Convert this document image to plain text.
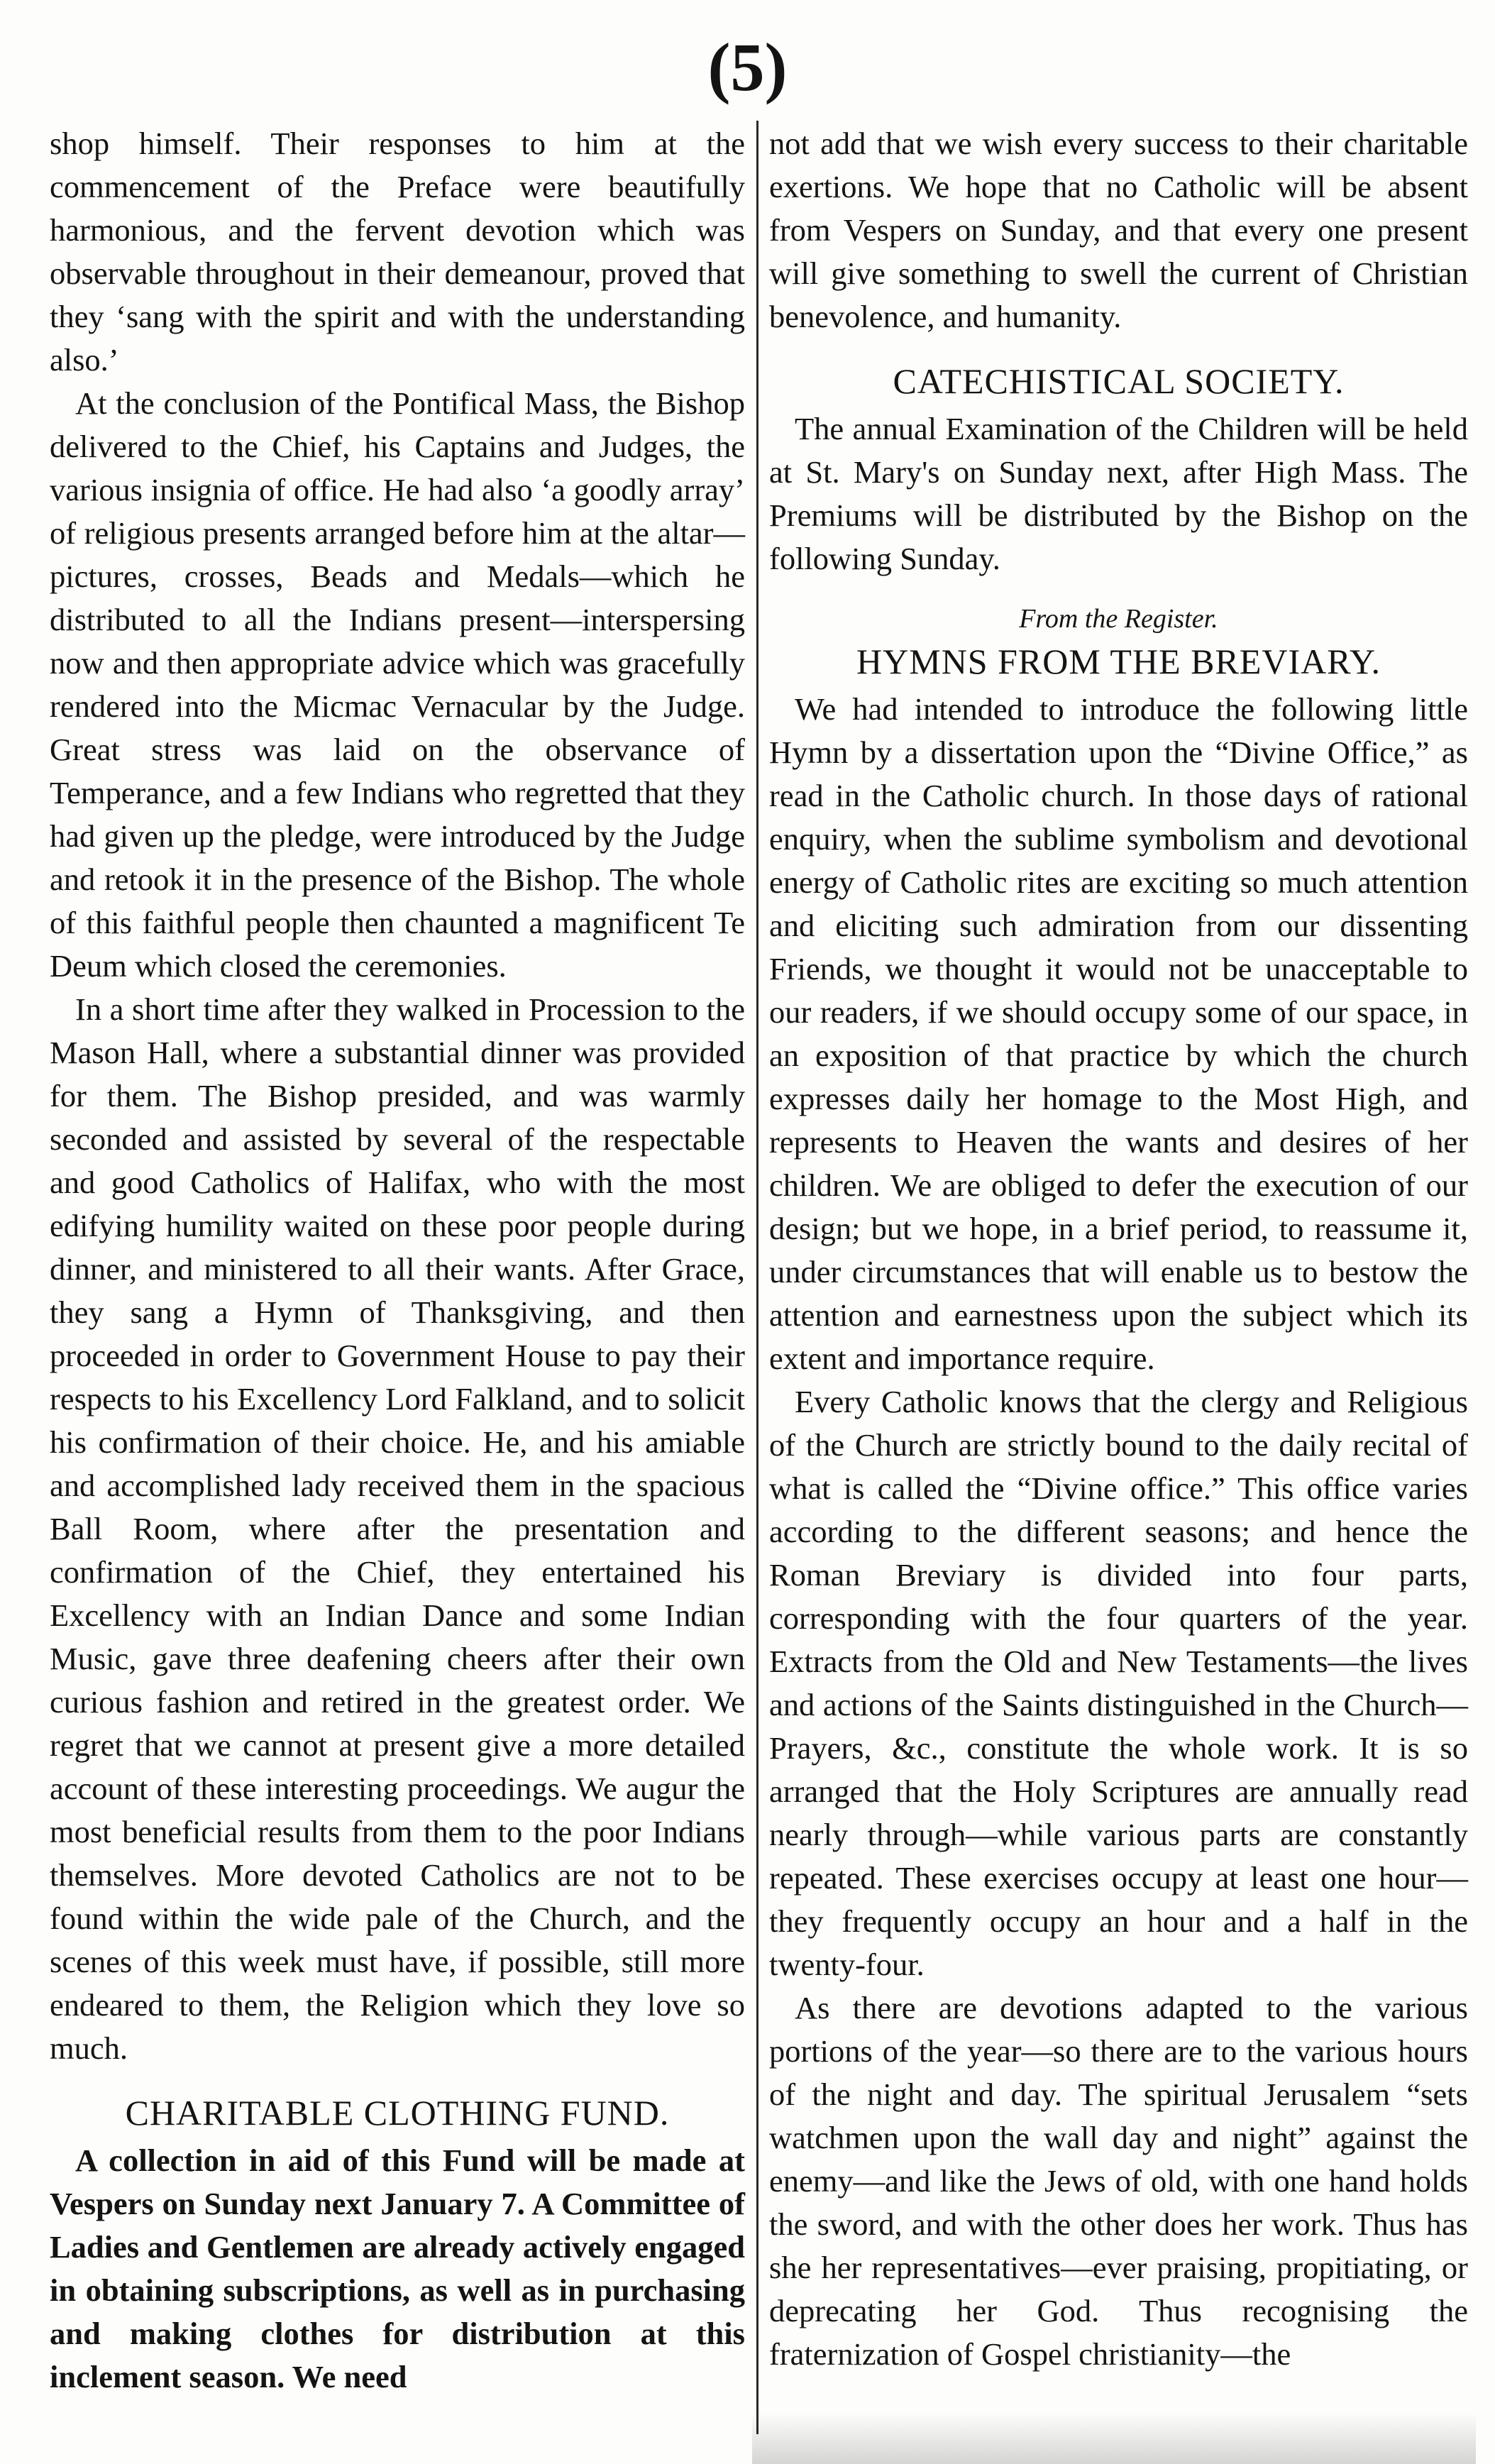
(5)

shop himself. Their responses to him at the commencement of the Preface were beautifully harmonious, and the fervent devotion which was observable throughout in their demeanour, proved that they ‘sang with the spirit and with the understanding also.’

At the conclusion of the Pontifical Mass, the Bishop delivered to the Chief, his Captains and Judges, the various insignia of office. He had also ‘a goodly array’ of religious presents arranged before him at the altar—pictures, crosses, Beads and Medals—which he distributed to all the Indians present—interspersing now and then appropriate advice which was gracefully rendered into the Micmac Vernacular by the Judge. Great stress was laid on the observance of Temperance, and a few Indians who regretted that they had given up the pledge, were introduced by the Judge and retook it in the presence of the Bishop. The whole of this faithful people then chaunted a magnificent Te Deum which closed the ceremonies.

In a short time after they walked in Procession to the Mason Hall, where a substantial dinner was provided for them. The Bishop presided, and was warmly seconded and assisted by several of the respectable and good Catholics of Halifax, who with the most edifying humility waited on these poor people during dinner, and ministered to all their wants. After Grace, they sang a Hymn of Thanksgiving, and then proceeded in order to Government House to pay their respects to his Excellency Lord Falkland, and to solicit his confirmation of their choice. He, and his amiable and accomplished lady received them in the spacious Ball Room, where after the presentation and confirmation of the Chief, they entertained his Excellency with an Indian Dance and some Indian Music, gave three deafening cheers after their own curious fashion and retired in the greatest order. We regret that we cannot at present give a more detailed account of these interesting proceedings. We augur the most beneficial results from them to the poor Indians themselves. More devoted Catholics are not to be found within the wide pale of the Church, and the scenes of this week must have, if possible, still more endeared to them, the Religion which they love so much.

CHARITABLE CLOTHING FUND.

A collection in aid of this Fund will be made at Vespers on Sunday next January 7. A Committee of Ladies and Gentlemen are already actively engaged in obtaining subscriptions, as well as in purchasing and making clothes for distribution at this inclement season. We need

not add that we wish every success to their charitable exertions. We hope that no Catholic will be absent from Vespers on Sunday, and that every one present will give something to swell the current of Christian benevolence, and humanity.

CATECHISTICAL SOCIETY.

The annual Examination of the Children will be held at St. Mary's on Sunday next, after High Mass. The Premiums will be distributed by the Bishop on the following Sunday.

From the Register.
HYMNS FROM THE BREVIARY.

We had intended to introduce the following little Hymn by a dissertation upon the “Divine Office,” as read in the Catholic church. In those days of rational enquiry, when the sublime symbolism and devotional energy of Catholic rites are exciting so much attention and eliciting such admiration from our dissenting Friends, we thought it would not be unacceptable to our readers, if we should occupy some of our space, in an exposition of that practice by which the church expresses daily her homage to the Most High, and represents to Heaven the wants and desires of her children. We are obliged to defer the execution of our design; but we hope, in a brief period, to reassume it, under circumstances that will enable us to bestow the attention and earnestness upon the subject which its extent and importance require.

Every Catholic knows that the clergy and Religious of the Church are strictly bound to the daily recital of what is called the “Divine office.” This office varies according to the different seasons; and hence the Roman Breviary is divided into four parts, corresponding with the four quarters of the year. Extracts from the Old and New Testaments—the lives and actions of the Saints distinguished in the Church—Prayers, &c., constitute the whole work. It is so arranged that the Holy Scriptures are annually read nearly through—while various parts are constantly repeated. These exercises occupy at least one hour—they frequently occupy an hour and a half in the twenty-four.

As there are devotions adapted to the various portions of the year—so there are to the various hours of the night and day. The spiritual Jerusalem “sets watchmen upon the wall day and night” against the enemy—and like the Jews of old, with one hand holds the sword, and with the other does her work. Thus has she her representatives—ever praising, propitiating, or deprecating her God. Thus recognising the fraternization of Gospel christianity—the
